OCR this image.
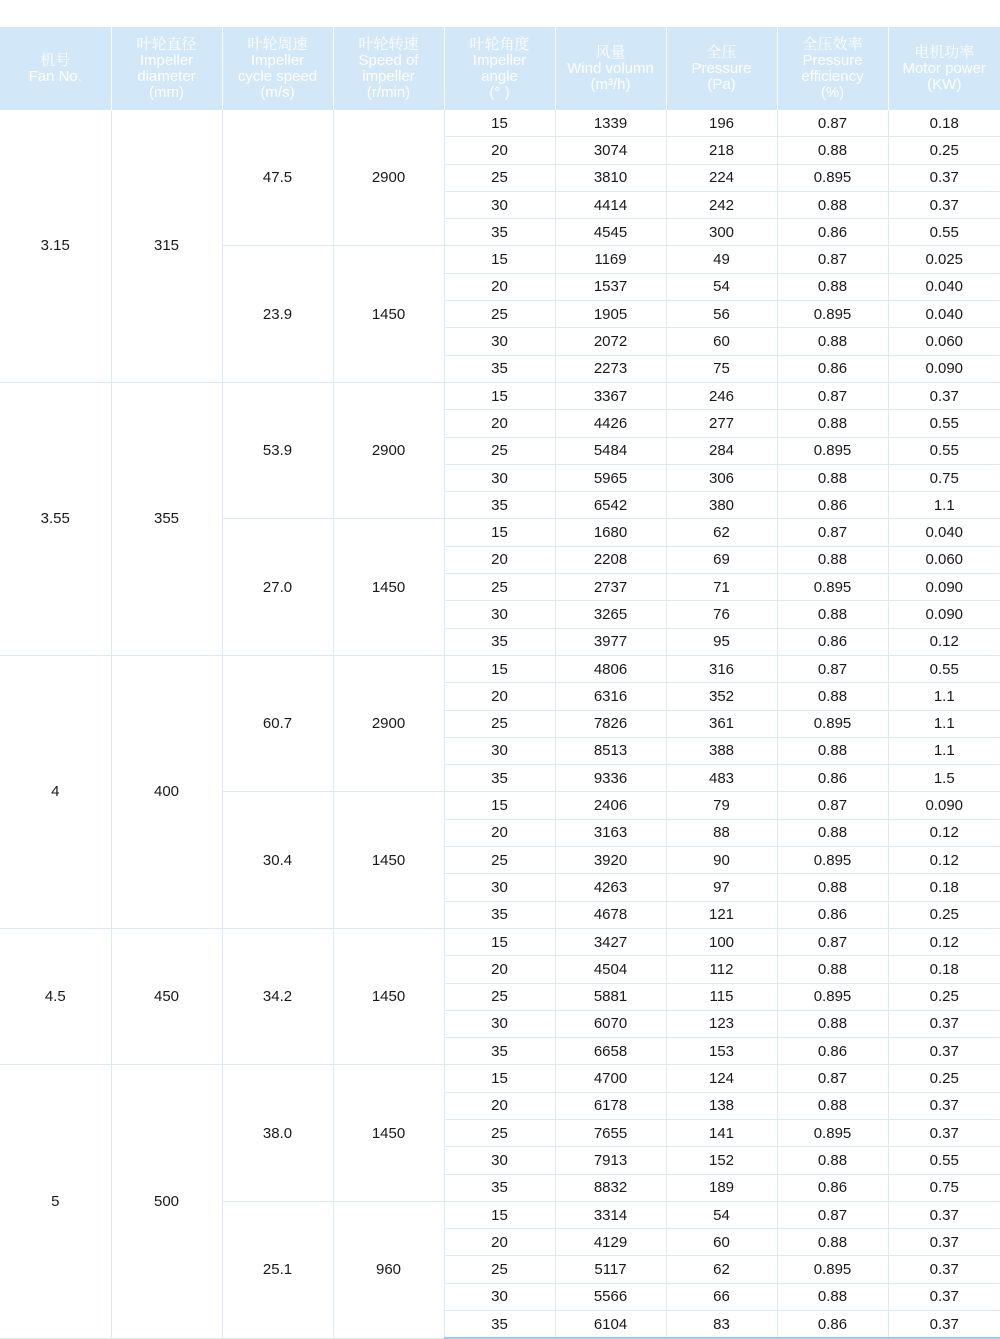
机号
Fan No.	叶轮直径
Impeller
diameter
(mm)	叶轮周速
Impeller
cycle speed
(m/s)	叶轮转速
Speed of
impeller
(r/min)	叶轮角度
Impeller
angle
(° )	风量
Wind volumn
(m³/h)	全压
Pressure
(Pa)	全压效率
Pressure
efficiency
(%)	电机功率
Motor power
(KW)

3.15	315	47.5	2900	15	1339	196	0.87	0.18
				20	3074	218	0.88	0.25
				25	3810	224	0.895	0.37
				30	4414	242	0.88	0.37
				35	4545	300	0.86	0.55
		23.9	1450	15	1169	49	0.87	0.025
				20	1537	54	0.88	0.040
				25	1905	56	0.895	0.040
				30	2072	60	0.88	0.060
				35	2273	75	0.86	0.090
3.55	355	53.9	2900	15	3367	246	0.87	0.37
				20	4426	277	0.88	0.55
				25	5484	284	0.895	0.55
				30	5965	306	0.88	0.75
				35	6542	380	0.86	1.1
		27.0	1450	15	1680	62	0.87	0.040
				20	2208	69	0.88	0.060
				25	2737	71	0.895	0.090
				30	3265	76	0.88	0.090
				35	3977	95	0.86	0.12
4	400	60.7	2900	15	4806	316	0.87	0.55
				20	6316	352	0.88	1.1
				25	7826	361	0.895	1.1
				30	8513	388	0.88	1.1
				35	9336	483	0.86	1.5
		30.4	1450	15	2406	79	0.87	0.090
				20	3163	88	0.88	0.12
				25	3920	90	0.895	0.12
				30	4263	97	0.88	0.18
				35	4678	121	0.86	0.25
4.5	450	34.2	1450	15	3427	100	0.87	0.12
				20	4504	112	0.88	0.18
				25	5881	115	0.895	0.25
				30	6070	123	0.88	0.37
				35	6658	153	0.86	0.37
5	500	38.0	1450	15	4700	124	0.87	0.25
				20	6178	138	0.88	0.37
				25	7655	141	0.895	0.37
				30	7913	152	0.88	0.55
				35	8832	189	0.86	0.75
		25.1	960	15	3314	54	0.87	0.37
				20	4129	60	0.88	0.37
				25	5117	62	0.895	0.37
				30	5566	66	0.88	0.37
				35	6104	83	0.86	0.37
